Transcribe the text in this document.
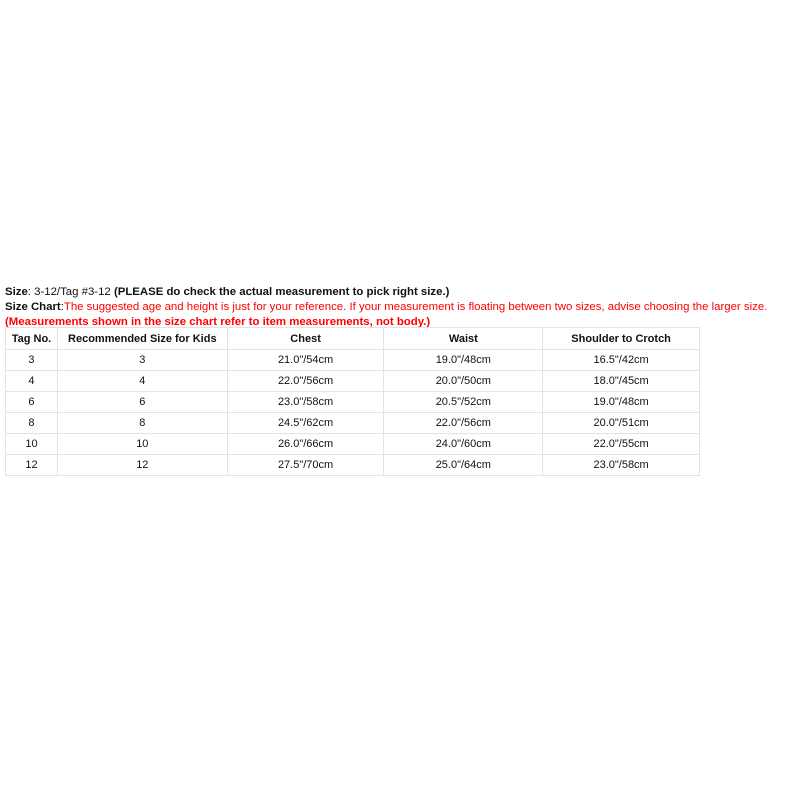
Size: 3-12/Tag #3-12 (PLEASE do check the actual measurement to pick right size.)
Size Chart:The suggested age and height is just for your reference. If your measurement is floating between two sizes, advise choosing the larger size.
(Measurements shown in the size chart refer to item measurements, not body.)
Tag No.	Recommended Size for Kids	Chest	Waist	Shoulder to Crotch
3	3	21.0"/54cm	19.0"/48cm	16.5"/42cm
4	4	22.0"/56cm	20.0"/50cm	18.0"/45cm
6	6	23.0"/58cm	20.5"/52cm	19.0"/48cm
8	8	24.5"/62cm	22.0"/56cm	20.0"/51cm
10	10	26.0"/66cm	24.0"/60cm	22.0"/55cm
12	12	27.5"/70cm	25.0"/64cm	23.0"/58cm
